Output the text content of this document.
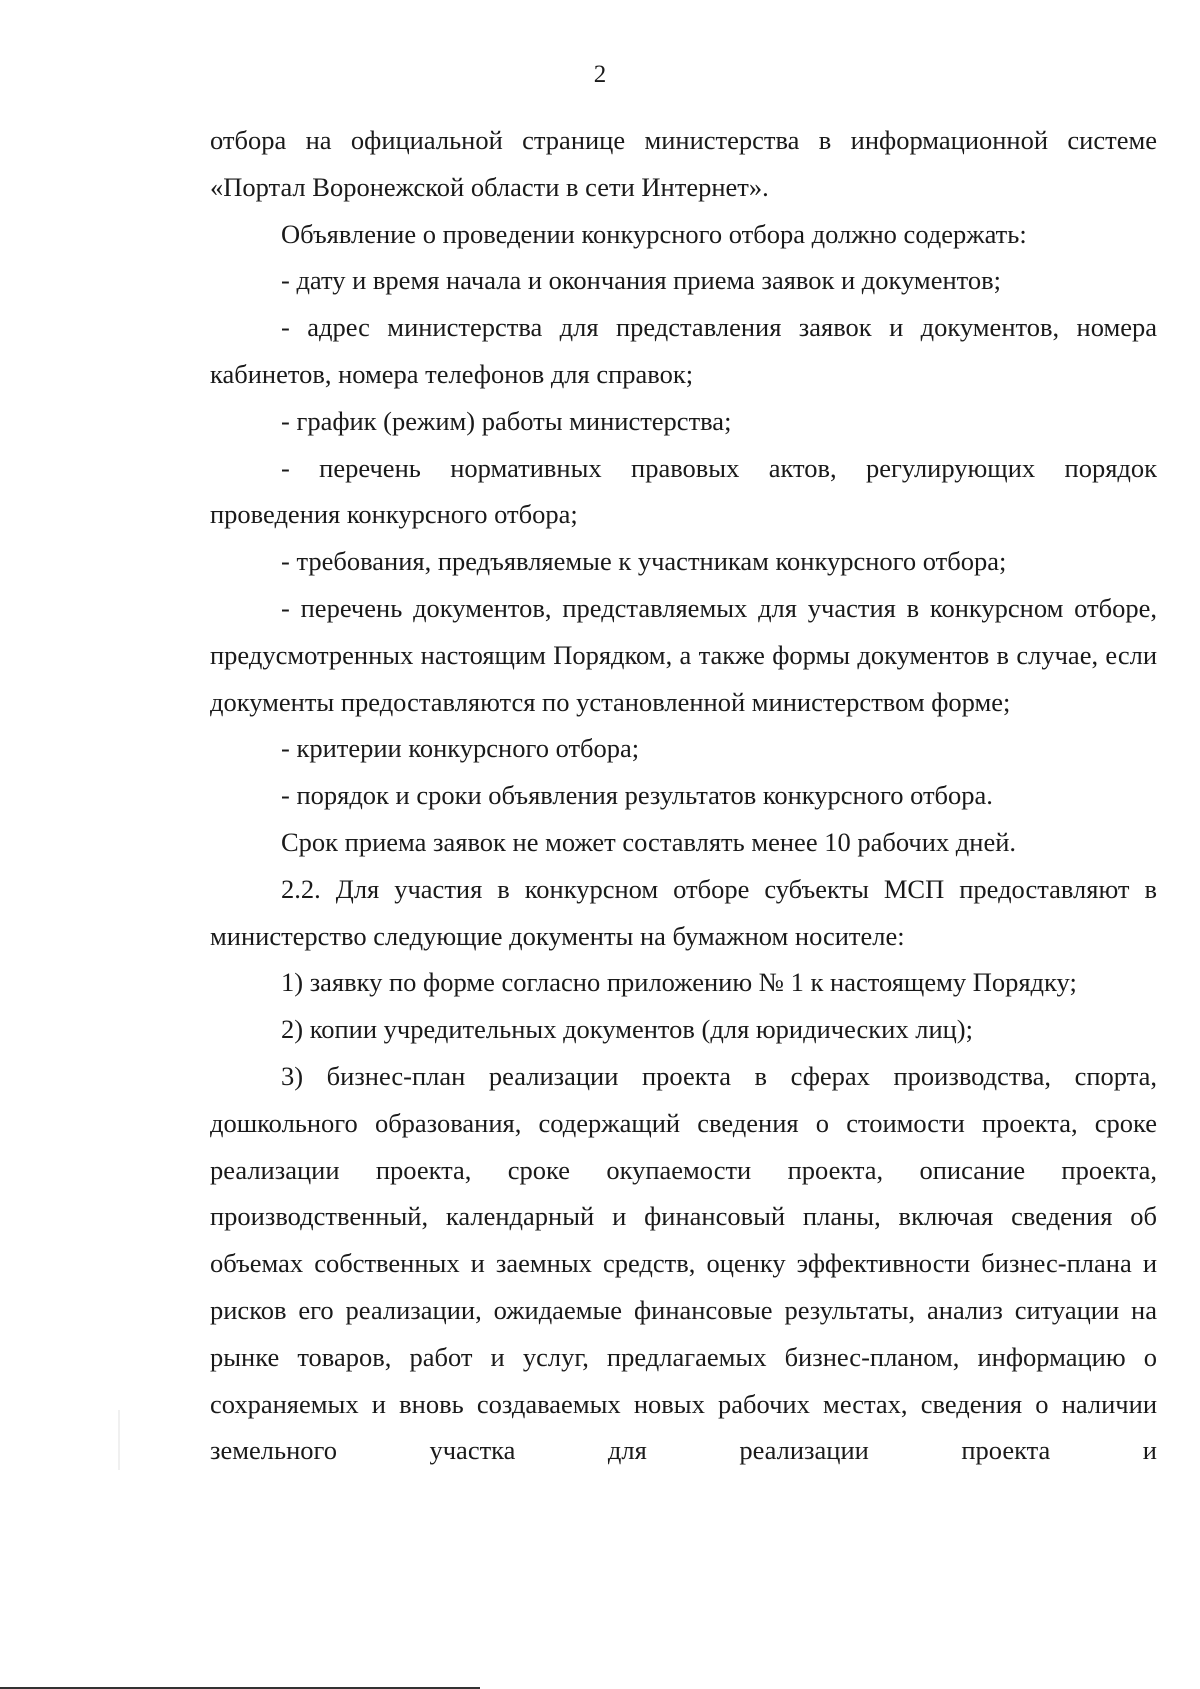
2

отбора на официальной странице министерства в информационной системе «Портал Воронежской области в сети Интернет».

Объявление о проведении конкурсного отбора должно содержать:

- дату и время начала и окончания приема заявок и документов;

- адрес министерства для представления заявок и документов, номера кабинетов, номера телефонов для справок;

- график (режим) работы министерства;

- перечень нормативных правовых актов, регулирующих порядок проведения конкурсного отбора;

- требования, предъявляемые к участникам конкурсного отбора;

- перечень документов, представляемых для участия в конкурсном отборе, предусмотренных настоящим Порядком, а также формы документов в случае, если документы предоставляются по установленной министерством форме;

- критерии конкурсного отбора;

- порядок и сроки объявления результатов конкурсного отбора.

Срок приема заявок не может составлять менее 10 рабочих дней.

2.2. Для участия в конкурсном отборе субъекты МСП предоставляют в министерство следующие документы на бумажном носителе:

1) заявку по форме согласно приложению № 1 к настоящему Порядку;

2) копии учредительных документов (для юридических лиц);

3) бизнес-план реализации проекта в сферах производства, спорта, дошкольного образования, содержащий сведения о стоимости проекта, сроке реализации проекта, сроке окупаемости проекта, описание проекта, производственный, календарный и финансовый планы, включая сведения об объемах собственных и заемных средств, оценку эффективности бизнес-плана и рисков его реализации, ожидаемые финансовые результаты, анализ ситуации на рынке товаров, работ и услуг, предлагаемых бизнес-планом, информацию о сохраняемых и вновь создаваемых новых рабочих местах, сведения о наличии земельного участка для реализации проекта и
